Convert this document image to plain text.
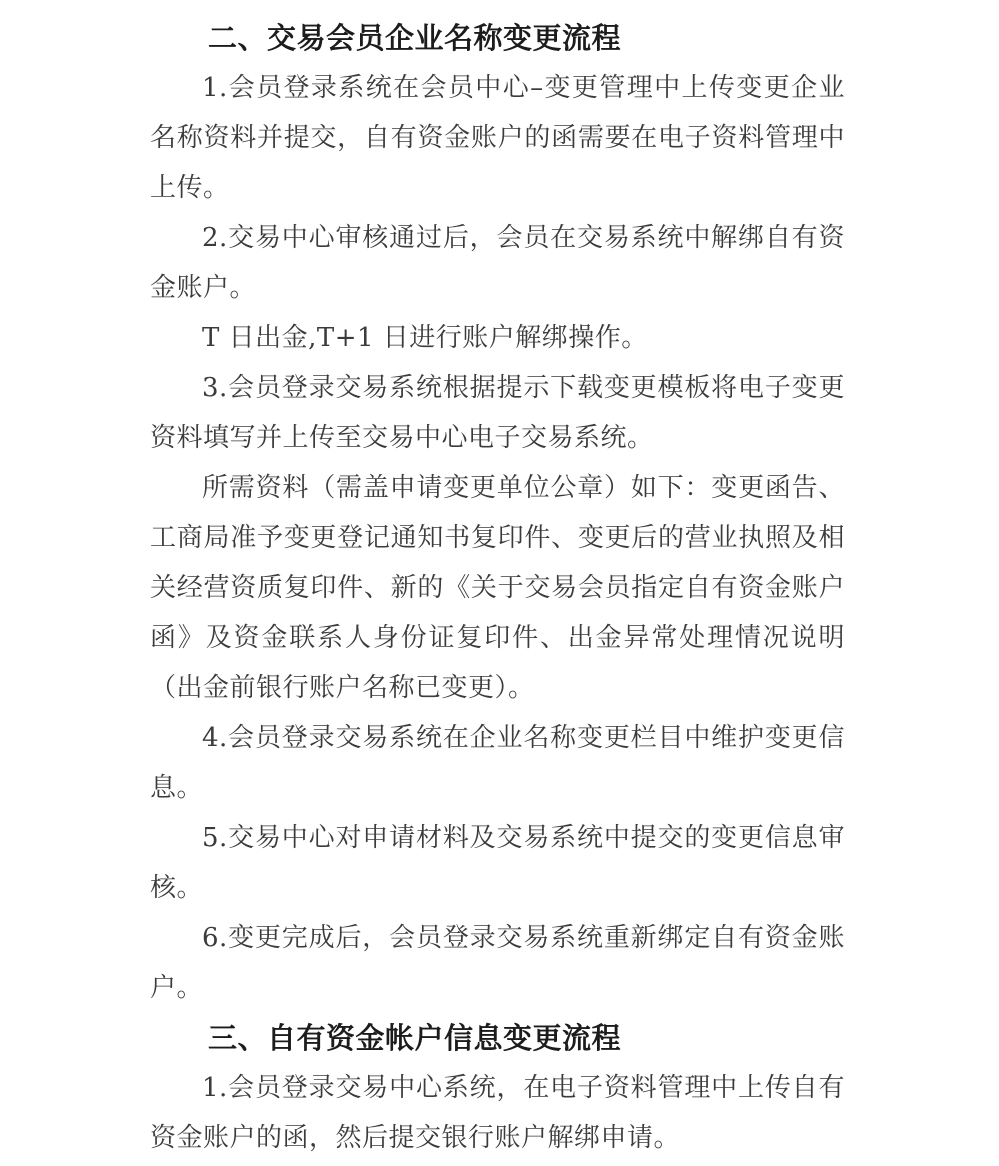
二、交易会员企业名称变更流程

1.会员登录系统在会员中心–变更管理中上传变更企业名称资料并提交，自有资金账户的函需要在电子资料管理中上传。

2.交易中心审核通过后，会员在交易系统中解绑自有资金账户。

T 日出金,T+1 日进行账户解绑操作。

3.会员登录交易系统根据提示下载变更模板将电子变更资料填写并上传至交易中心电子交易系统。

所需资料（需盖申请变更单位公章）如下：变更函告、工商局准予变更登记通知书复印件、变更后的营业执照及相关经营资质复印件、新的《关于交易会员指定自有资金账户函》及资金联系人身份证复印件、出金异常处理情况说明（出金前银行账户名称已变更）。

4.会员登录交易系统在企业名称变更栏目中维护变更信息。

5.交易中心对申请材料及交易系统中提交的变更信息审核。

6.变更完成后，会员登录交易系统重新绑定自有资金账户。

三、自有资金帐户信息变更流程

1.会员登录交易中心系统，在电子资料管理中上传自有资金账户的函，然后提交银行账户解绑申请。
